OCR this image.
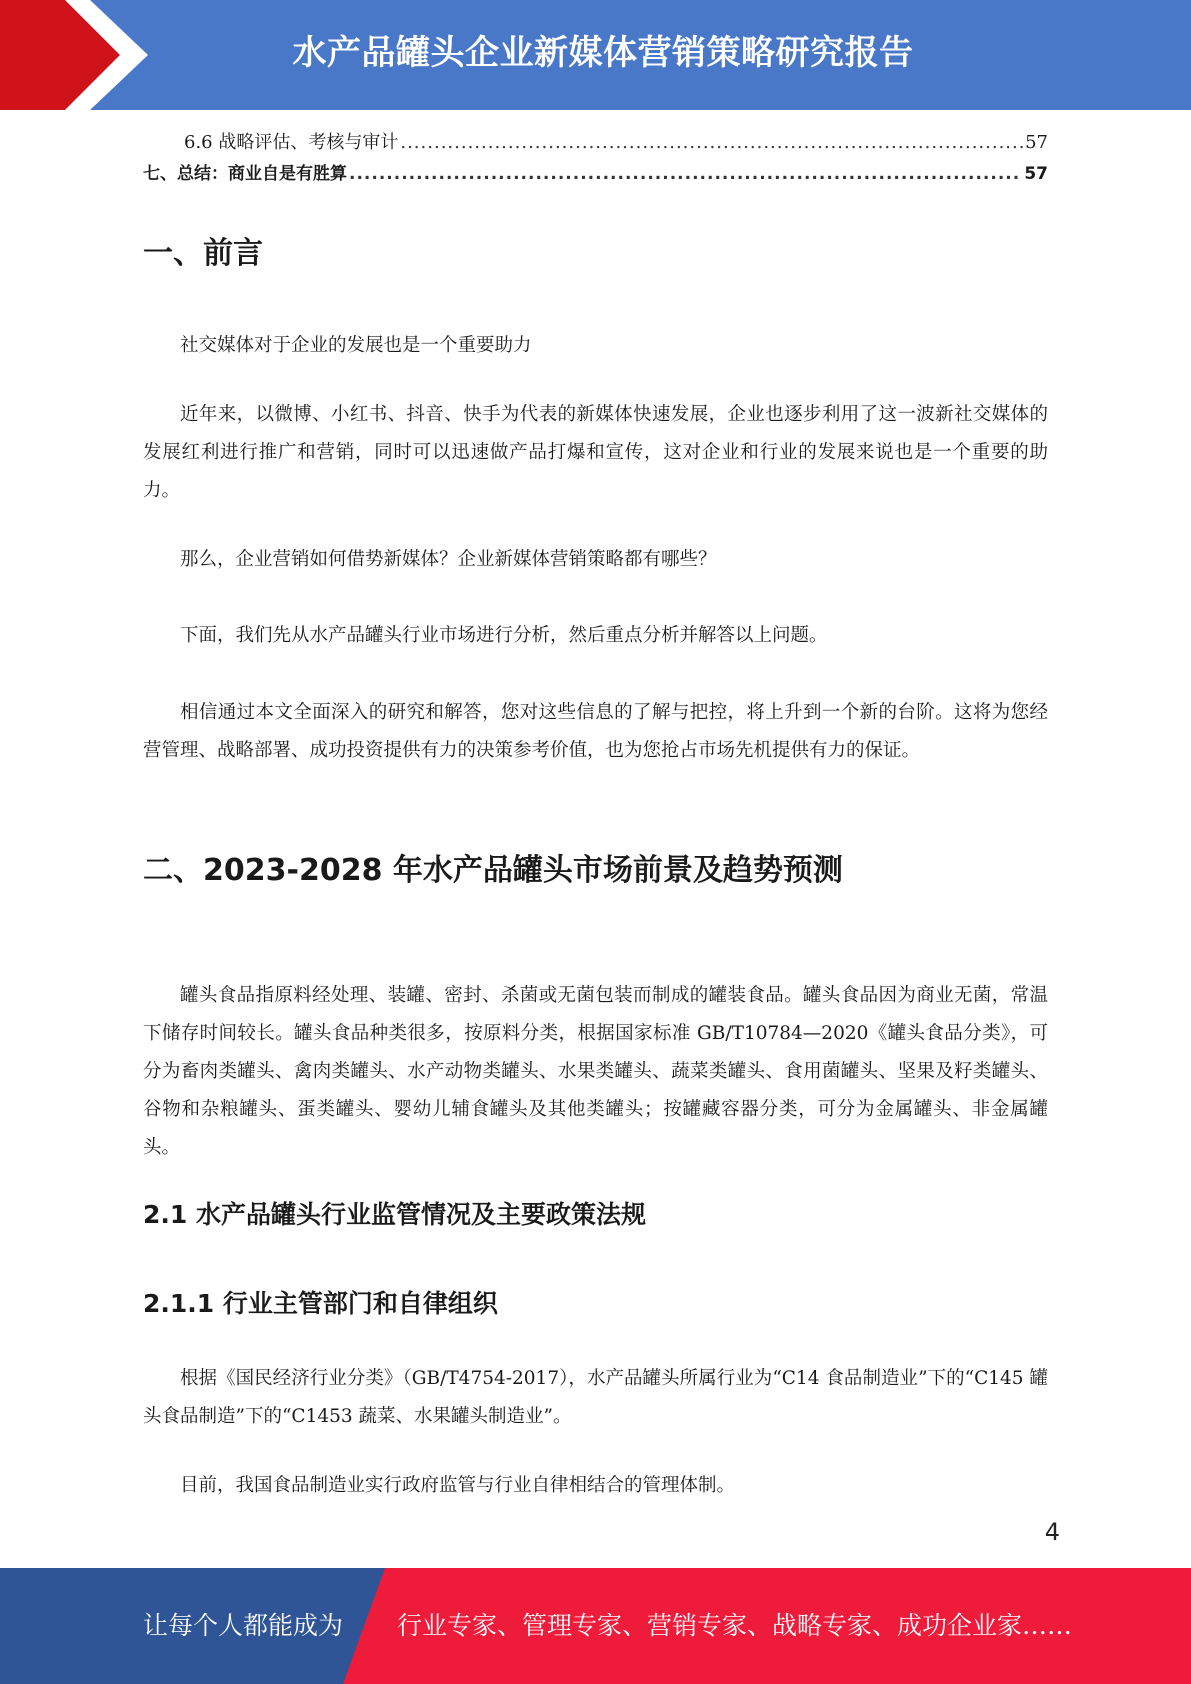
水产品罐头企业新媒体营销策略研究报告
6.6 战略评估、考核与审计 .....	57
七、总结：商业自是有胜算 .....	57
一、前言

社交媒体对于企业的发展也是一个重要助力

近年来，以微博、小红书、抖音、快手为代表的新媒体快速发展，企业也逐步利用了这一波新社交媒体的发展红利进行推广和营销，同时可以迅速做产品打爆和宣传，这对企业和行业的发展来说也是一个重要的助力。

那么，企业营销如何借势新媒体？企业新媒体营销策略都有哪些？

下面，我们先从水产品罐头行业市场进行分析，然后重点分析并解答以上问题。

相信通过本文全面深入的研究和解答，您对这些信息的了解与把控，将上升到一个新的台阶。这将为您经营管理、战略部署、成功投资提供有力的决策参考价值，也为您抢占市场先机提供有力的保证。

二、2023-2028 年水产品罐头市场前景及趋势预测

罐头食品指原料经处理、装罐、密封、杀菌或无菌包装而制成的罐装食品。罐头食品因为商业无菌，常温下储存时间较长。罐头食品种类很多，按原料分类，根据国家标准 GB/T10784—2020《罐头食品分类》，可分为畜肉类罐头、禽肉类罐头、水产动物类罐头、水果类罐头、蔬菜类罐头、食用菌罐头、坚果及籽类罐头、谷物和杂粮罐头、蛋类罐头、婴幼儿辅食罐头及其他类罐头；按罐藏容器分类，可分为金属罐头、非金属罐头。

2.1 水产品罐头行业监管情况及主要政策法规
2.1.1 行业主管部门和自律组织

根据《国民经济行业分类》（GB/T4754-2017），水产品罐头所属行业为“C14 食品制造业”下的“C145 罐头食品制造”下的“C1453 蔬菜、水果罐头制造业”。

目前，我国食品制造业实行政府监管与行业自律相结合的管理体制。

4
让每个人都能成为 行业专家、管理专家、营销专家、战略专家、成功企业家……
